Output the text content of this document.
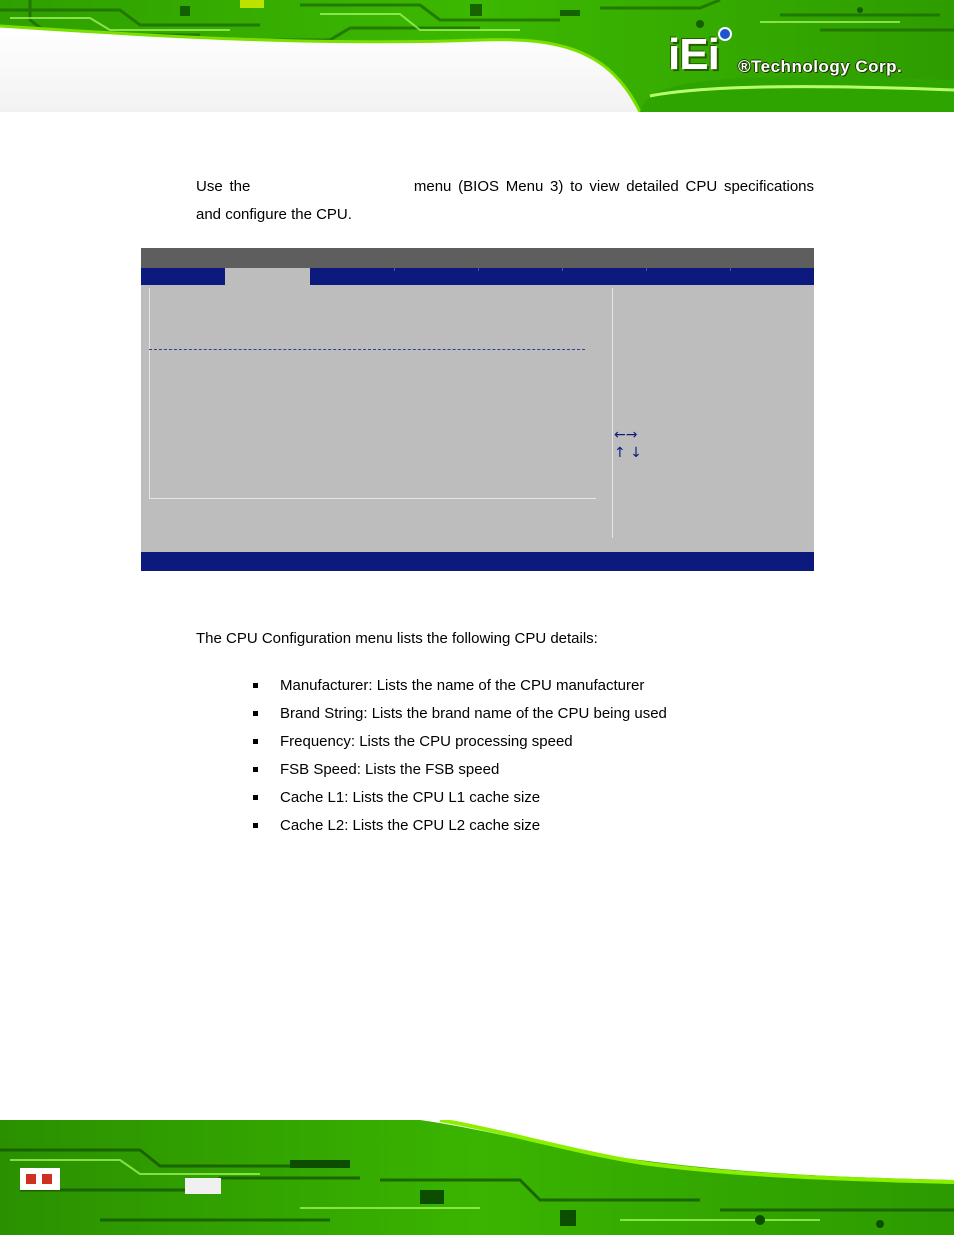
iEi ®Technology Corp.

Use the	menu (BIOS Menu 3) to view detailed CPU specifications and configure the CPU.

←→
↑ ↓

The CPU Configuration menu lists the following CPU details:

Manufacturer: Lists the name of the CPU manufacturer
Brand String: Lists the brand name of the CPU being used
Frequency: Lists the CPU processing speed
FSB Speed: Lists the FSB speed
Cache L1: Lists the CPU L1 cache size
Cache L2: Lists the CPU L2 cache size
